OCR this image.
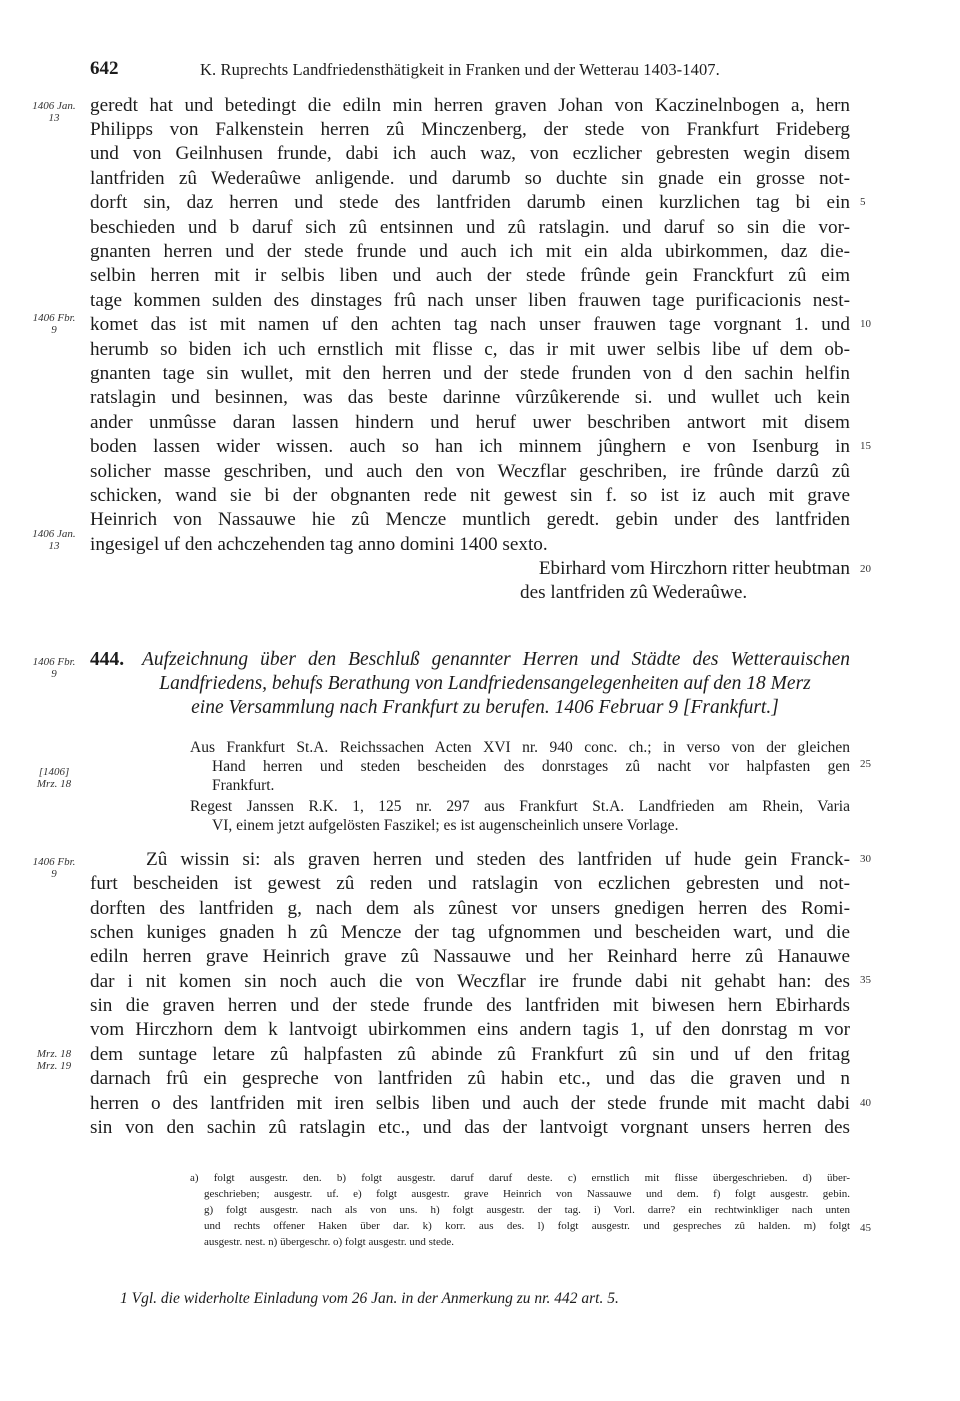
642	K. Ruprechts Landfriedensthätigkeit in Franken und der Wetterau 1403-1407.
1406 Jan. 13
1406 Fbr. 9
1406 Jan. 13
1406 Fbr. 9
[1406] Mrz. 18
1406 Fbr. 9
Mrz. 18 Mrz. 19
5
10
15
20
25
30
35
40
45
geredt hat und betedingt die ediln min herren graven Johan von Kaczinelnbogen a, hern
Philipps von Falkenstein herren zû Minczenberg, der stede von Frankfurt Frideberg
und von Geilnhusen frunde, dabi ich auch waz, von eczlicher gebresten wegin disem
lantfriden zû Wederaûwe anligende. und darumb so duchte sin gnade ein grosse not-
dorft sin, daz herren und stede des lantfriden darumb einen kurzlichen tag bi ein
beschieden und b daruf sich zû entsinnen und zû ratslagin. und daruf so sin die vor-
gnanten herren und der stede frunde und auch ich mit ein alda ubirkommen, daz die-
selbin herren mit ir selbis liben und auch der stede frûnde gein Franckfurt zû eim
tage kommen sulden des dinstages frû nach unser liben frauwen tage purificacionis nest-
komet das ist mit namen uf den achten tag nach unser frauwen tage vorgnant 1. und
herumb so biden ich uch ernstlich mit flisse c, das ir mit uwer selbis libe uf dem ob-
gnanten tage sin wullet, mit den herren und der stede frunden von d den sachin helfin
ratslagin und besinnen, was das beste darinne vûrzûkerende si. und wullet uch kein
ander unmûsse daran lassen hindern und heruf uwer beschriben antwort mit disem
boden lassen wider wissen. auch so han ich minnem jûnghern e von Isenburg in
solicher masse geschriben, und auch den von Weczflar geschriben, ire frûnde darzû zû
schicken, wand sie bi der obgnanten rede nit gewest sin f. so ist iz auch mit grave
Heinrich von Nassauwe hie zû Mencze muntlich geredt. gebin under des lantfriden
ingesigel uf den achczehenden tag anno domini 1400 sexto.
Ebirhard vom Hirczhorn ritter heubtman
des lantfriden zû Wederaûwe.
444. Aufzeichnung über den Beschluß genannter Herren und Städte des Wetterauischen
Landfriedens, behufs Berathung von Landfriedensangelegenheiten auf den 18 Merz
eine Versammlung nach Frankfurt zu berufen. 1406 Februar 9 [Frankfurt.]
Aus Frankfurt St.A. Reichssachen Acten XVI nr. 940 conc. ch.; in verso von der gleichen
Hand herren und steden bescheiden des donrstages zû nacht vor halpfasten gen
Frankfurt.
Regest Janssen R.K. 1, 125 nr. 297 aus Frankfurt St.A. Landfrieden am Rhein, Varia
VI, einem jetzt aufgelösten Faszikel; es ist augenscheinlich unsere Vorlage.
Zû wissin si: als graven herren und steden des lantfriden uf hude gein Franck-
furt bescheiden ist gewest zû reden und ratslagin von eczlichen gebresten und not-
dorften des lantfriden g, nach dem als zûnest vor unsers gnedigen herren des Romi-
schen kuniges gnaden h zû Mencze der tag ufgnommen und bescheiden wart, und die
ediln herren grave Heinrich grave zû Nassauwe und her Reinhard herre zû Hanauwe
dar i nit komen sin noch auch die von Weczflar ire frunde dabi nit gehabt han: des
sin die graven herren und der stede frunde des lantfriden mit biwesen hern Ebirhards
vom Hirczhorn dem k lantvoigt ubirkommen eins andern tagis 1, uf den donrstag m vor
dem suntage letare zû halpfasten zû abinde zû Frankfurt zû sin und uf den fritag
darnach frû ein gespreche von lantfriden zû habin etc., und das die graven und n
herren o des lantfriden mit iren selbis liben und auch der stede frunde mit macht dabi
sin von den sachin zû ratslagin etc., und das der lantvoigt vorgnant unsers herren des
a) folgt ausgestr. den. b) folgt ausgestr. daruf daruf deste. c) ernstlich mit flisse übergeschrieben. d) über-
geschrieben; ausgestr. uf. e) folgt ausgestr. grave Heinrich von Nassauwe und dem. f) folgt ausgestr. gebin.
g) folgt ausgestr. nach als von uns. h) folgt ausgestr. der tag. i) Vorl. darre? ein rechtwinkliger nach unten
und rechts offener Haken über dar. k) korr. aus des. l) folgt ausgestr. und gespreches zû halden. m) folgt
ausgestr. nest. n) übergeschr. o) folgt ausgestr. und stede.
1 Vgl. die widerholte Einladung vom 26 Jan. in der Anmerkung zu nr. 442 art. 5.
